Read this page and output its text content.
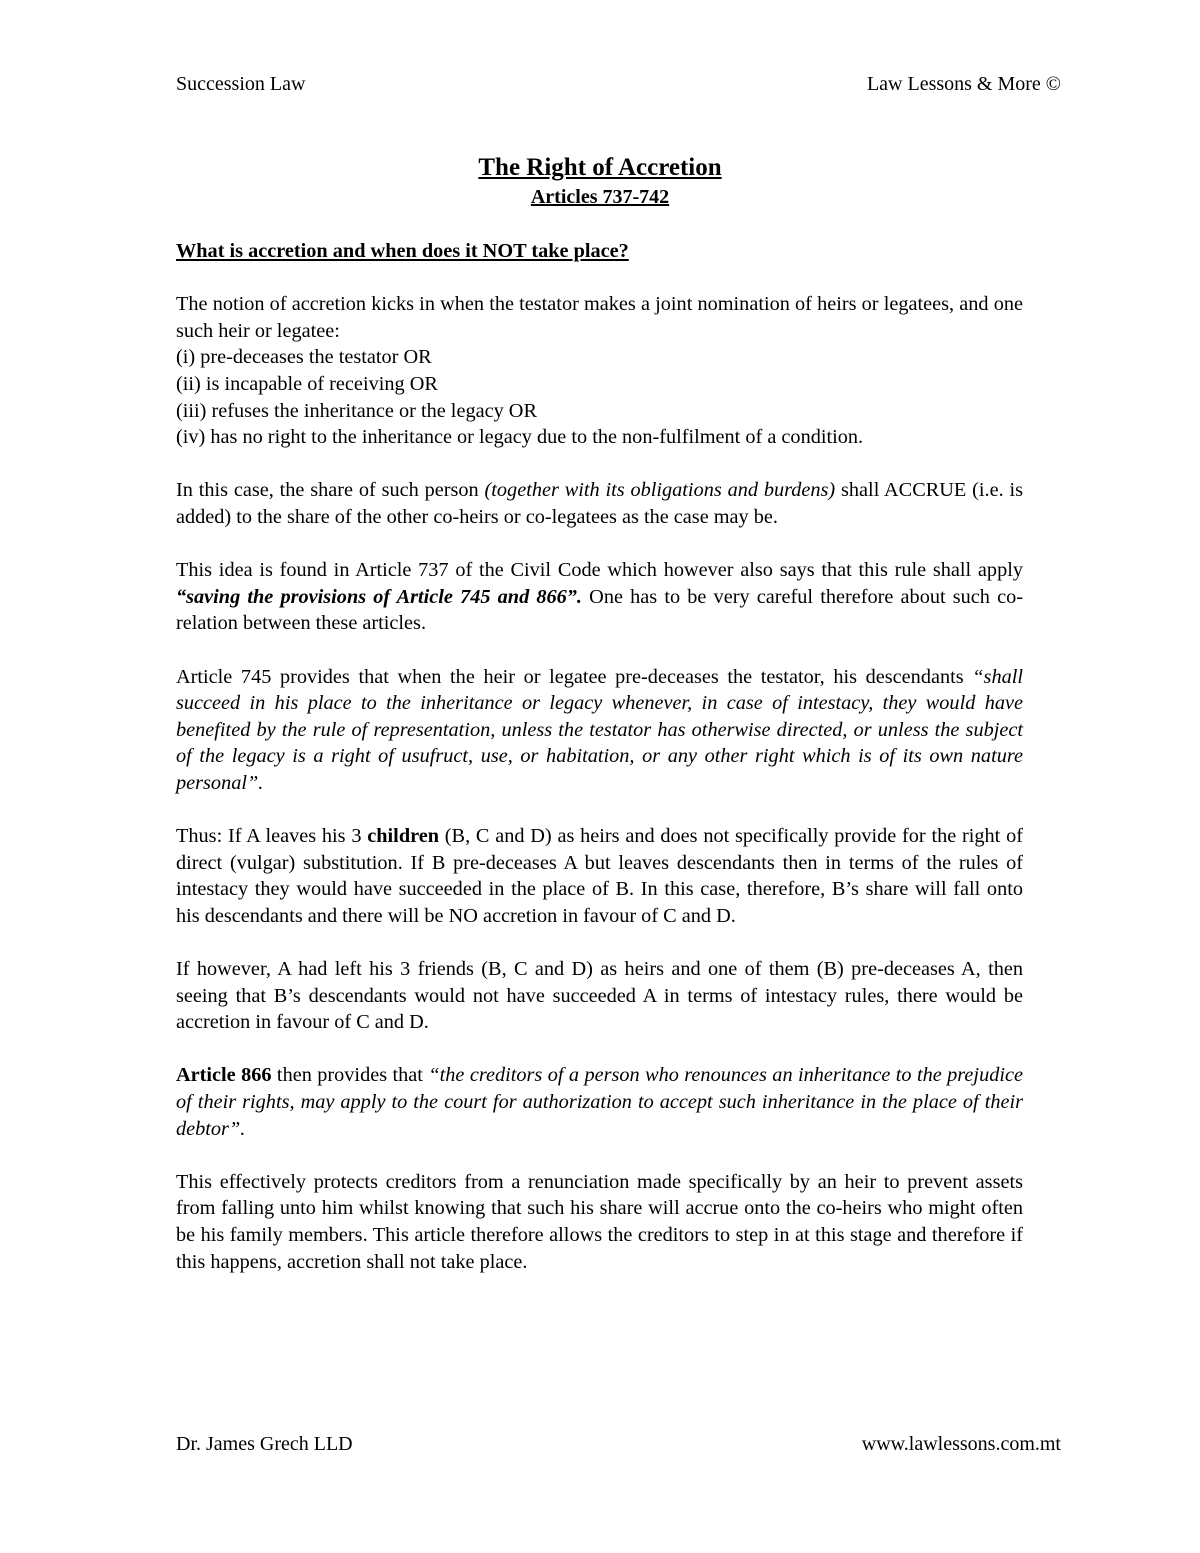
Succession Law	Law Lessons & More ©
The Right of Accretion
Articles 737-742

What is accretion and when does it NOT take place?

The notion of accretion kicks in when the testator makes a joint nomination of heirs or legatees, and one such heir or legatee:
(i) pre-deceases the testator OR
(ii) is incapable of receiving OR
(iii) refuses the inheritance or the legacy OR
(iv) has no right to the inheritance or legacy due to the non-fulfilment of a condition.

In this case, the share of such person (together with its obligations and burdens) shall ACCRUE (i.e. is added) to the share of the other co-heirs or co-legatees as the case may be.

This idea is found in Article 737 of the Civil Code which however also says that this rule shall apply “saving the provisions of Article 745 and 866”. One has to be very careful therefore about such co-relation between these articles.

Article 745 provides that when the heir or legatee pre-deceases the testator, his descendants “shall succeed in his place to the inheritance or legacy whenever, in case of intestacy, they would have benefited by the rule of representation, unless the testator has otherwise directed, or unless the subject of the legacy is a right of usufruct, use, or habitation, or any other right which is of its own nature personal”.

Thus: If A leaves his 3 children (B, C and D) as heirs and does not specifically provide for the right of direct (vulgar) substitution. If B pre-deceases A but leaves descendants then in terms of the rules of intestacy they would have succeeded in the place of B. In this case, therefore, B’s share will fall onto his descendants and there will be NO accretion in favour of C and D.

If however, A had left his 3 friends (B, C and D) as heirs and one of them (B) pre-deceases A, then seeing that B’s descendants would not have succeeded A in terms of intestacy rules, there would be accretion in favour of C and D.

Article 866 then provides that “the creditors of a person who renounces an inheritance to the prejudice of their rights, may apply to the court for authorization to accept such inheritance in the place of their debtor”.

This effectively protects creditors from a renunciation made specifically by an heir to prevent assets from falling unto him whilst knowing that such his share will accrue onto the co-heirs who might often be his family members. This article therefore allows the creditors to step in at this stage and therefore if this happens, accretion shall not take place.

Dr. James Grech LLD	www.lawlessons.com.mt
